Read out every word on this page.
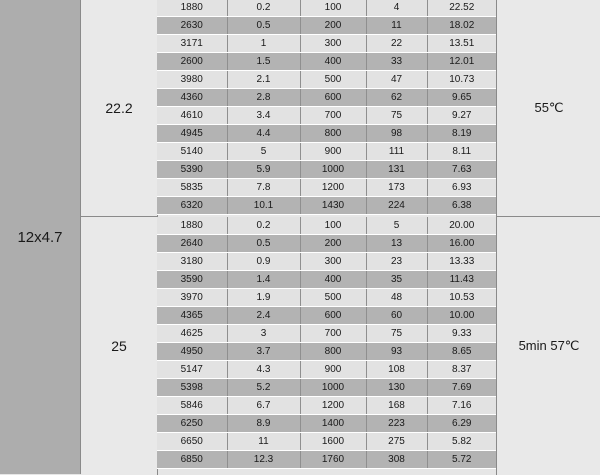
12x4.7
22.2
25
1880	0.2	100	4	22.52
2630	0.5	200	11	18.02
3171	1	300	22	13.51
2600	1.5	400	33	12.01
3980	2.1	500	47	10.73
4360	2.8	600	62	9.65
4610	3.4	700	75	9.27
4945	4.4	800	98	8.19
5140	5	900	111	8.11
5390	5.9	1000	131	7.63
5835	7.8	1200	173	6.93
6320	10.1	1430	224	6.38
1880	0.2	100	5	20.00
2640	0.5	200	13	16.00
3180	0.9	300	23	13.33
3590	1.4	400	35	11.43
3970	1.9	500	48	10.53
4365	2.4	600	60	10.00
4625	3	700	75	9.33
4950	3.7	800	93	8.65
5147	4.3	900	108	8.37
5398	5.2	1000	130	7.69
5846	6.7	1200	168	7.16
6250	8.9	1400	223	6.29
6650	11	1600	275	5.82
6850	12.3	1760	308	5.72
55℃
5min 57℃
